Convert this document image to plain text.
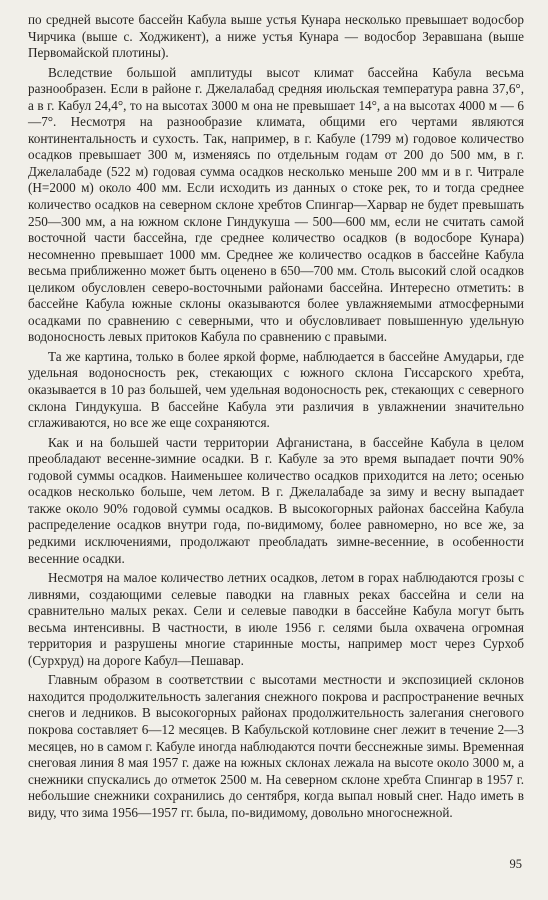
по средней высоте бассейн Кабула выше устья Кунара несколько превышает водосбор Чирчика (выше с. Ходжикент), а ниже устья Кунара — водосбор Зеравшана (выше Первомайской плотины).

Вследствие большой амплитуды высот климат бассейна Кабула весьма разнообразен. Если в районе г. Джелалабад средняя июльская температура равна 37,6°, а в г. Кабул 24,4°, то на высотах 3000 м она не превышает 14°, а на высотах 4000 м — 6—7°. Несмотря на разнообразие климата, общими его чертами являются континентальность и сухость. Так, например, в г. Кабуле (1799 м) годовое количество осадков превышает 300 м, изменяясь по отдельным годам от 200 до 500 мм, в г. Джелалабаде (522 м) годовая сумма осадков несколько меньше 200 мм и в г. Читрале (H=2000 м) около 400 мм. Если исходить из данных о стоке рек, то и тогда среднее количество осадков на северном склоне хребтов Спингар—Харвар не будет превышать 250—300 мм, а на южном склоне Гиндукуша — 500—600 мм, если не считать самой восточной части бассейна, где среднее количество осадков (в водосборе Кунара) несомненно превышает 1000 мм. Среднее же количество осадков в бассейне Кабула весьма приближенно может быть оценено в 650—700 мм. Столь высокий слой осадков целиком обусловлен северо-восточными районами бассейна. Интересно отметить: в бассейне Кабула южные склоны оказываются более увлажняемыми атмосферными осадками по сравнению с северными, что и обусловливает повышенную удельную водоносность левых притоков Кабула по сравнению с правыми.

Та же картина, только в более яркой форме, наблюдается в бассейне Амударьи, где удельная водоносность рек, стекающих с южного склона Гиссарского хребта, оказывается в 10 раз большей, чем удельная водоносность рек, стекающих с северного склона Гиндукуша. В бассейне Кабула эти различия в увлажнении значительно сглаживаются, но все же еще сохраняются.

Как и на большей части территории Афганистана, в бассейне Кабула в целом преобладают весенне-зимние осадки. В г. Кабуле за это время выпадает почти 90% годовой суммы осадков. Наименьшее количество осадков приходится на лето; осенью осадков несколько больше, чем летом. В г. Джелалабаде за зиму и весну выпадает также около 90% годовой суммы осадков. В высокогорных районах бассейна Кабула распределение осадков внутри года, по-видимому, более равномерно, но все же, за редкими исключениями, продолжают преобладать зимне-весенние, в особенности весенние осадки.

Несмотря на малое количество летних осадков, летом в горах наблюдаются грозы с ливнями, создающими селевые паводки на главных реках бассейна и сели на сравнительно малых реках. Сели и селевые паводки в бассейне Кабула могут быть весьма интенсивны. В частности, в июле 1956 г. селями была охвачена огромная территория и разрушены многие старинные мосты, например мост через Сурхоб (Сурхруд) на дороге Кабул—Пешавар.

Главным образом в соответствии с высотами местности и экспозицией склонов находится продолжительность залегания снежного покрова и распространение вечных снегов и ледников. В высокогорных районах продолжительность залегания снегового покрова составляет 6—12 месяцев. В Кабульской котловине снег лежит в течение 2—3 месяцев, но в самом г. Кабуле иногда наблюдаются почти бесснежные зимы. Временная снеговая линия 8 мая 1957 г. даже на южных склонах лежала на высоте около 3000 м, а снежники спускались до отметок 2500 м. На северном склоне хребта Спингар в 1957 г. небольшие снежники сохранились до сентября, когда выпал новый снег. Надо иметь в виду, что зима 1956—1957 гг. была, по-видимому, довольно многоснежной.

95
